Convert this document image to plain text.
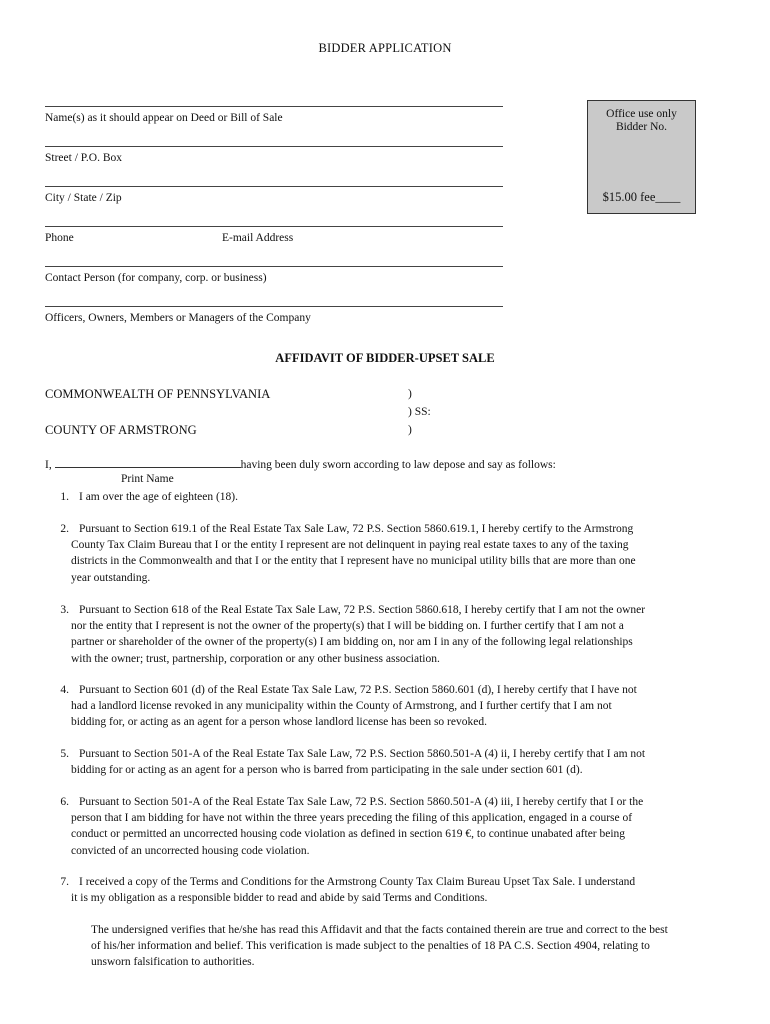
BIDDER APPLICATION
Name(s) as it should appear on Deed or Bill of Sale
Street / P.O. Box
City / State / Zip
Phone	E-mail Address
Contact Person (for company, corp. or business)
Officers, Owners, Members or Managers of the Company
Office use only
Bidder No.
$15.00 fee____
AFFIDAVIT OF BIDDER-UPSET SALE
COMMONWEALTH OF PENNSYLVANIA
COUNTY OF ARMSTRONG
)
) SS:
)
I,	having been duly sworn according to law depose and say as follows:
Print Name
1. I am over the age of eighteen (18).
2. Pursuant to Section 619.1 of the Real Estate Tax Sale Law, 72 P.S. Section 5860.619.1, I hereby certify to the Armstrong
County Tax Claim Bureau that I or the entity I represent are not delinquent in paying real estate taxes to any of the taxing
districts in the Commonwealth and that I or the entity that I represent have no municipal utility bills that are more than one
year outstanding.
3. Pursuant to Section 618 of the Real Estate Tax Sale Law, 72 P.S. Section 5860.618, I hereby certify that I am not the owner
nor the entity that I represent is not the owner of the property(s) that I will be bidding on. I further certify that I am not a
partner or shareholder of the owner of the property(s) I am bidding on, nor am I in any of the following legal relationships
with the owner; trust, partnership, corporation or any other business association.
4. Pursuant to Section 601 (d) of the Real Estate Tax Sale Law, 72 P.S. Section 5860.601 (d), I hereby certify that I have not
had a landlord license revoked in any municipality within the County of Armstrong, and I further certify that I am not
bidding for, or acting as an agent for a person whose landlord license has been so revoked.
5. Pursuant to Section 501-A of the Real Estate Tax Sale Law, 72 P.S. Section 5860.501-A (4) ii, I hereby certify that I am not
bidding for or acting as an agent for a person who is barred from participating in the sale under section 601 (d).
6. Pursuant to Section 501-A of the Real Estate Tax Sale Law, 72 P.S. Section 5860.501-A (4) iii, I hereby certify that I or the
person that I am bidding for have not within the three years preceding the filing of this application, engaged in a course of
conduct or permitted an uncorrected housing code violation as defined in section 619 €, to continue unabated after being
convicted of an uncorrected housing code violation.
7. I received a copy of the Terms and Conditions for the Armstrong County Tax Claim Bureau Upset Tax Sale. I understand
it is my obligation as a responsible bidder to read and abide by said Terms and Conditions.
The undersigned verifies that he/she has read this Affidavit and that the facts contained therein are true and correct to the best
of his/her information and belief. This verification is made subject to the penalties of 18 PA C.S. Section 4904, relating to
unsworn falsification to authorities.
